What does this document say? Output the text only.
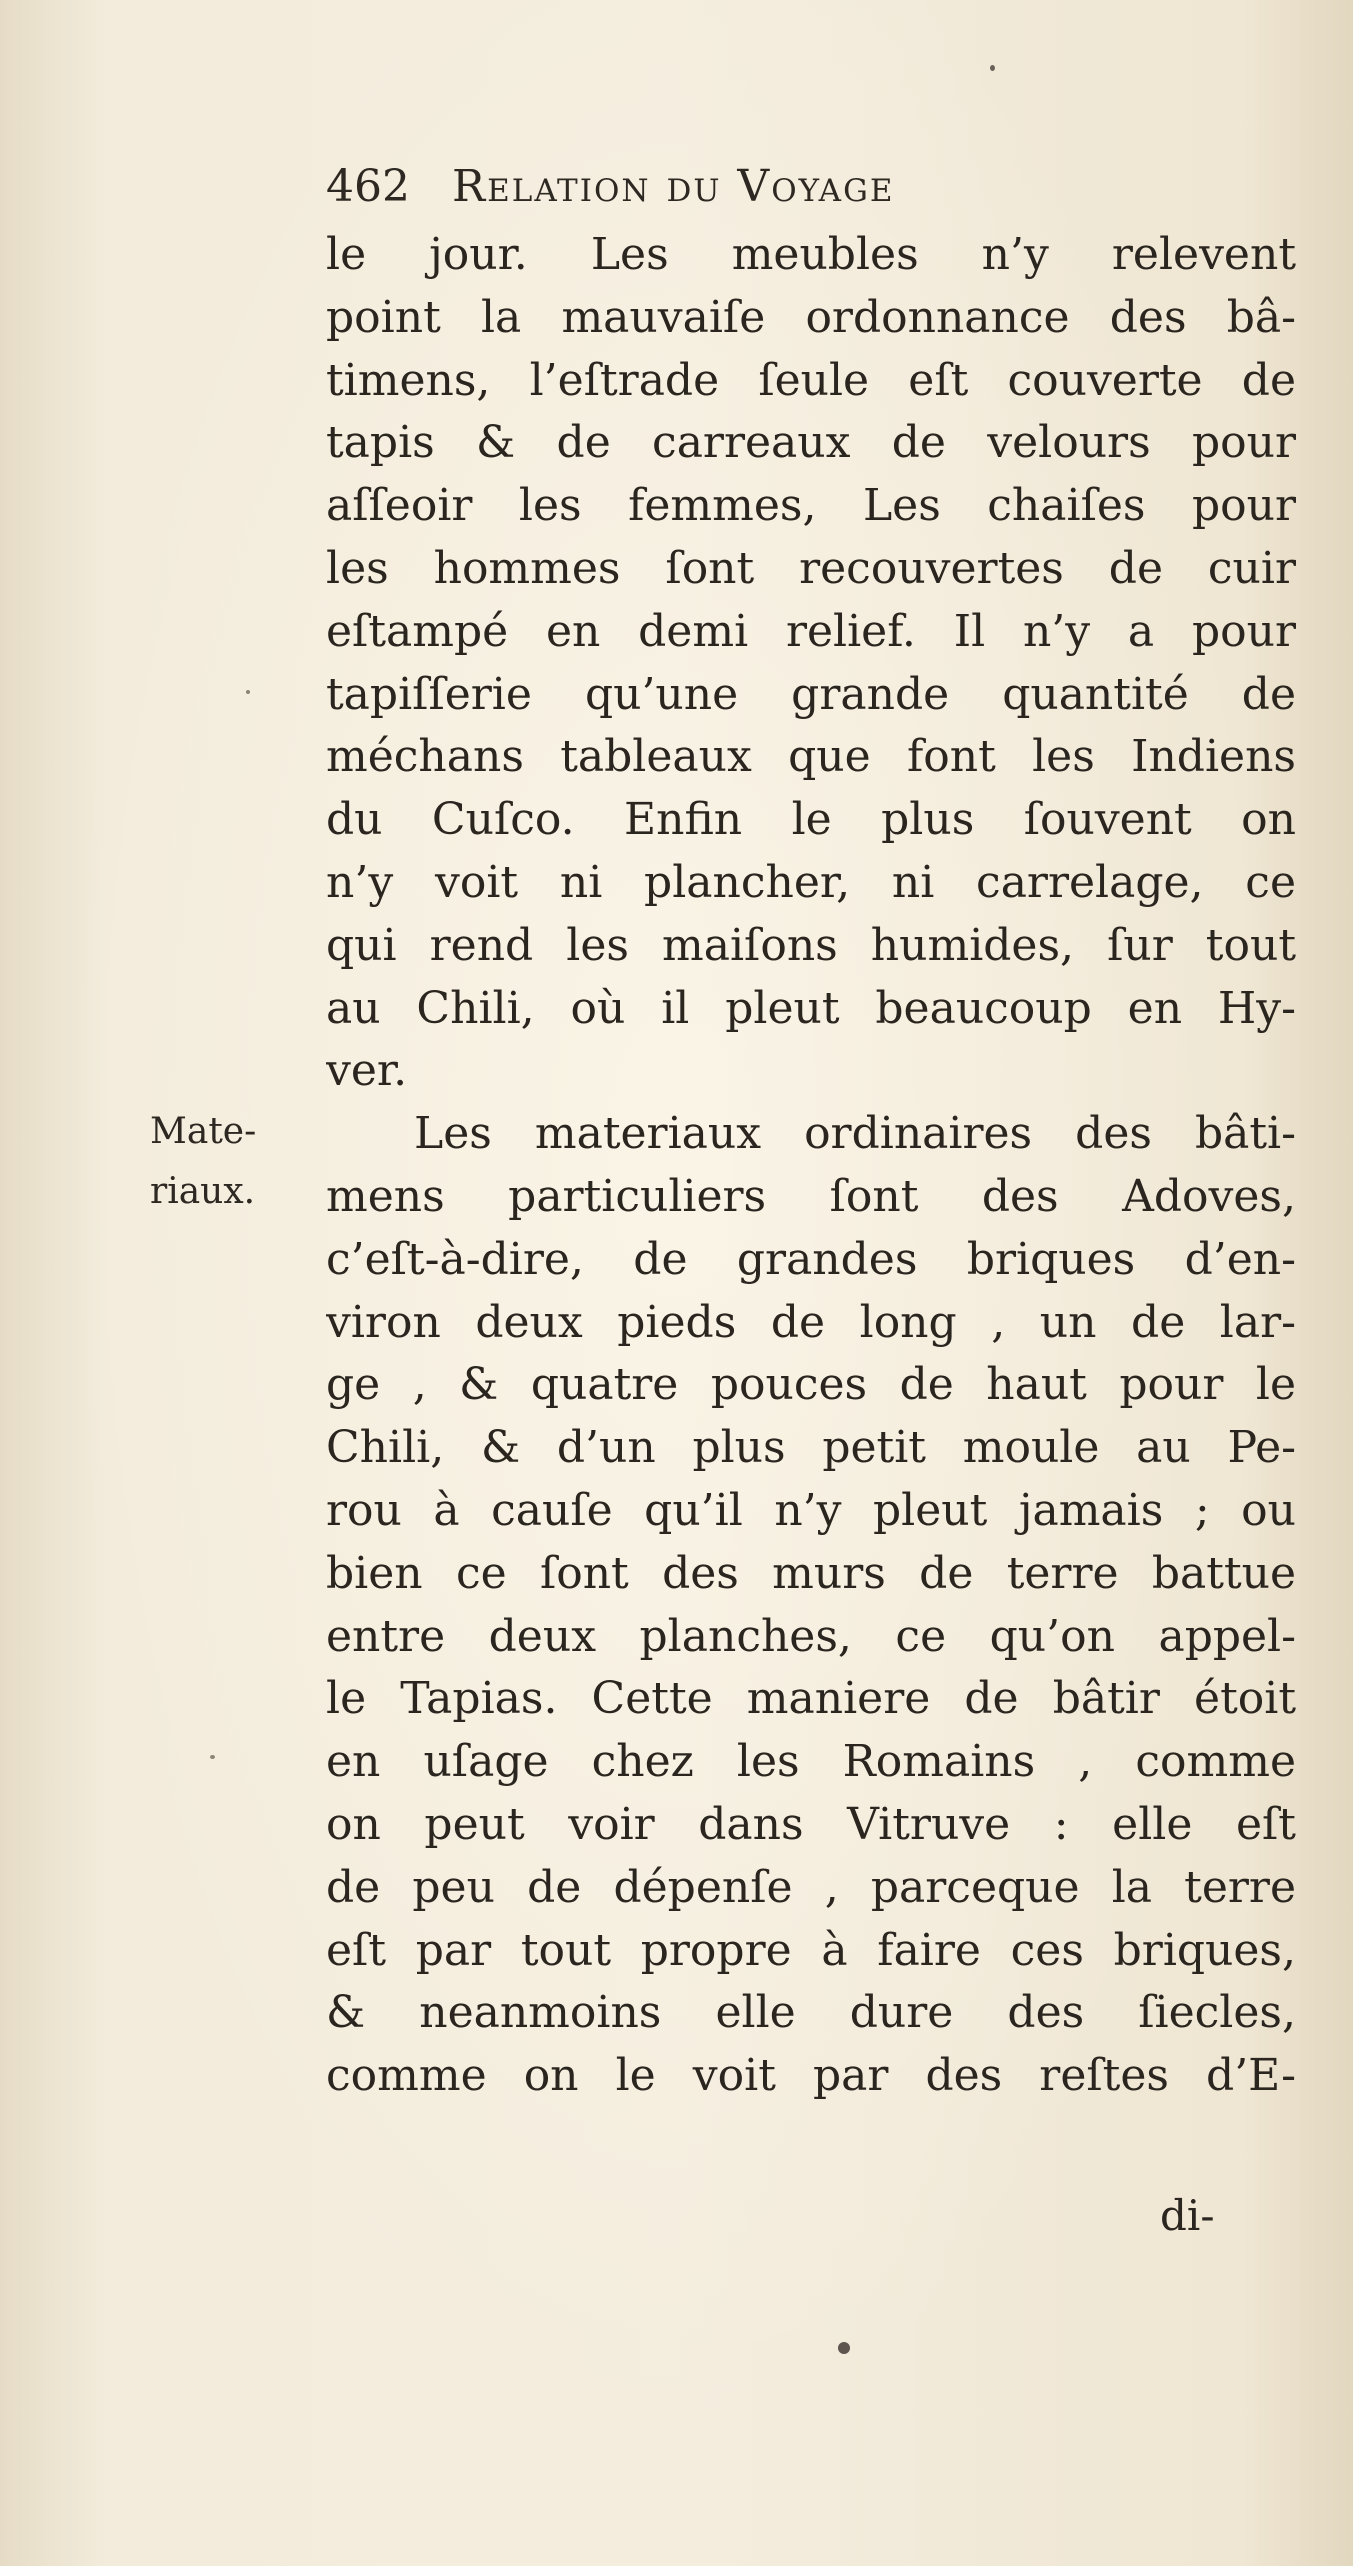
462 Relation du Voyage
Mate-
riaux.
le jour. Les meubles n’y relevent
point la mauvaiſe ordonnance des bâ-
timens, l’eſtrade ſeule eſt couverte de
tapis & de carreaux de velours pour
aſſeoir les femmes, Les chaiſes pour
les hommes ſont recouvertes de cuir
eſtampé en demi relief. Il n’y a pour
tapiſſerie qu’une grande quantité de
méchans tableaux que font les Indiens
du Cuſco. Enfin le plus ſouvent on
n’y voit ni plancher, ni carrelage, ce
qui rend les maiſons humides, ſur tout
au Chili, où il pleut beaucoup en Hy-
ver.
Les materiaux ordinaires des bâti-
mens particuliers ſont des Adoves,
c’eſt-à-dire, de grandes briques d’en-
viron deux pieds de long , un de lar-
ge , & quatre pouces de haut pour le
Chili, & d’un plus petit moule au Pe-
rou à cauſe qu’il n’y pleut jamais ; ou
bien ce ſont des murs de terre battue
entre deux planches, ce qu’on appel-
le Tapias. Cette maniere de bâtir étoit
en uſage chez les Romains , comme
on peut voir dans Vitruve : elle eſt
de peu de dépenſe , parceque la terre
eſt par tout propre à faire ces briques,
& neanmoins elle dure des ſiecles,
comme on le voit par des reſtes d’E-
di-
